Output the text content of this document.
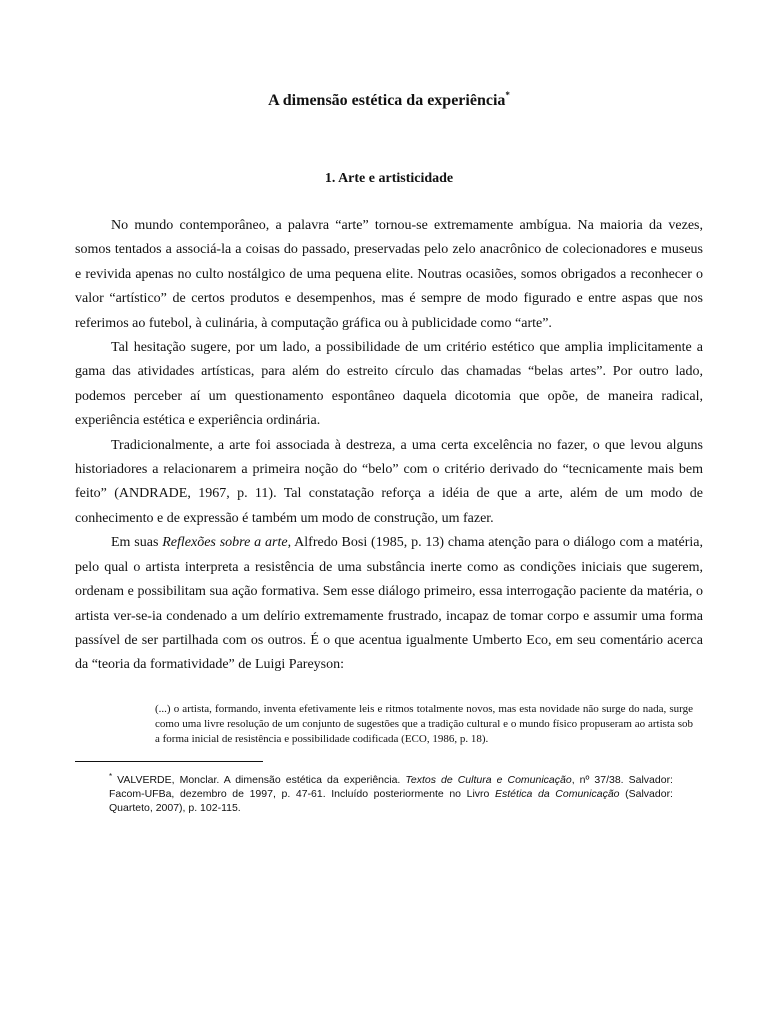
A dimensão estética da experiência*
1. Arte e artisticidade

No mundo contemporâneo, a palavra “arte” tornou-se extremamente ambígua. Na maioria da vezes, somos tentados a associá-la a coisas do passado, preservadas pelo zelo anacrônico de colecionadores e museus e revivida apenas no culto nostálgico de uma pequena elite. Noutras ocasiões, somos obrigados a reconhecer o valor “artístico” de certos produtos e desempenhos, mas é sempre de modo figurado e entre aspas que nos referimos ao futebol, à culinária, à computação gráfica ou à publicidade como “arte”.

Tal hesitação sugere, por um lado, a possibilidade de um critério estético que amplia implicitamente a gama das atividades artísticas, para além do estreito círculo das chamadas “belas artes”. Por outro lado, podemos perceber aí um questionamento espontâneo daquela dicotomia que opõe, de maneira radical, experiência estética e experiência ordinária.

Tradicionalmente, a arte foi associada à destreza, a uma certa excelência no fazer, o que levou alguns historiadores a relacionarem a primeira noção do “belo” com o critério derivado do “tecnicamente mais bem feito” (ANDRADE, 1967, p. 11). Tal constatação reforça a idéia de que a arte, além de um modo de conhecimento e de expressão é também um modo de construção, um fazer.

Em suas Reflexões sobre a arte, Alfredo Bosi (1985, p. 13) chama atenção para o diálogo com a matéria, pelo qual o artista interpreta a resistência de uma substância inerte como as condições iniciais que sugerem, ordenam e possibilitam sua ação formativa. Sem esse diálogo primeiro, essa interrogação paciente da matéria, o artista ver-se-ia condenado a um delírio extremamente frustrado, incapaz de tomar corpo e assumir uma forma passível de ser partilhada com os outros. É o que acentua igualmente Umberto Eco, em seu comentário acerca da “teoria da formatividade” de Luigi Pareyson:

(...) o artista, formando, inventa efetivamente leis e ritmos totalmente novos, mas esta novidade não surge do nada, surge como uma livre resolução de um conjunto de sugestões que a tradição cultural e o mundo físico propuseram ao artista sob a forma inicial de resistência e possibilidade codificada (ECO, 1986, p. 18).

* VALVERDE, Monclar. A dimensão estética da experiência. Textos de Cultura e Comunicação, nº 37/38. Salvador: Facom-UFBa, dezembro de 1997, p. 47-61. Incluído posteriormente no Livro Estética da Comunicação (Salvador: Quarteto, 2007), p. 102-115.
